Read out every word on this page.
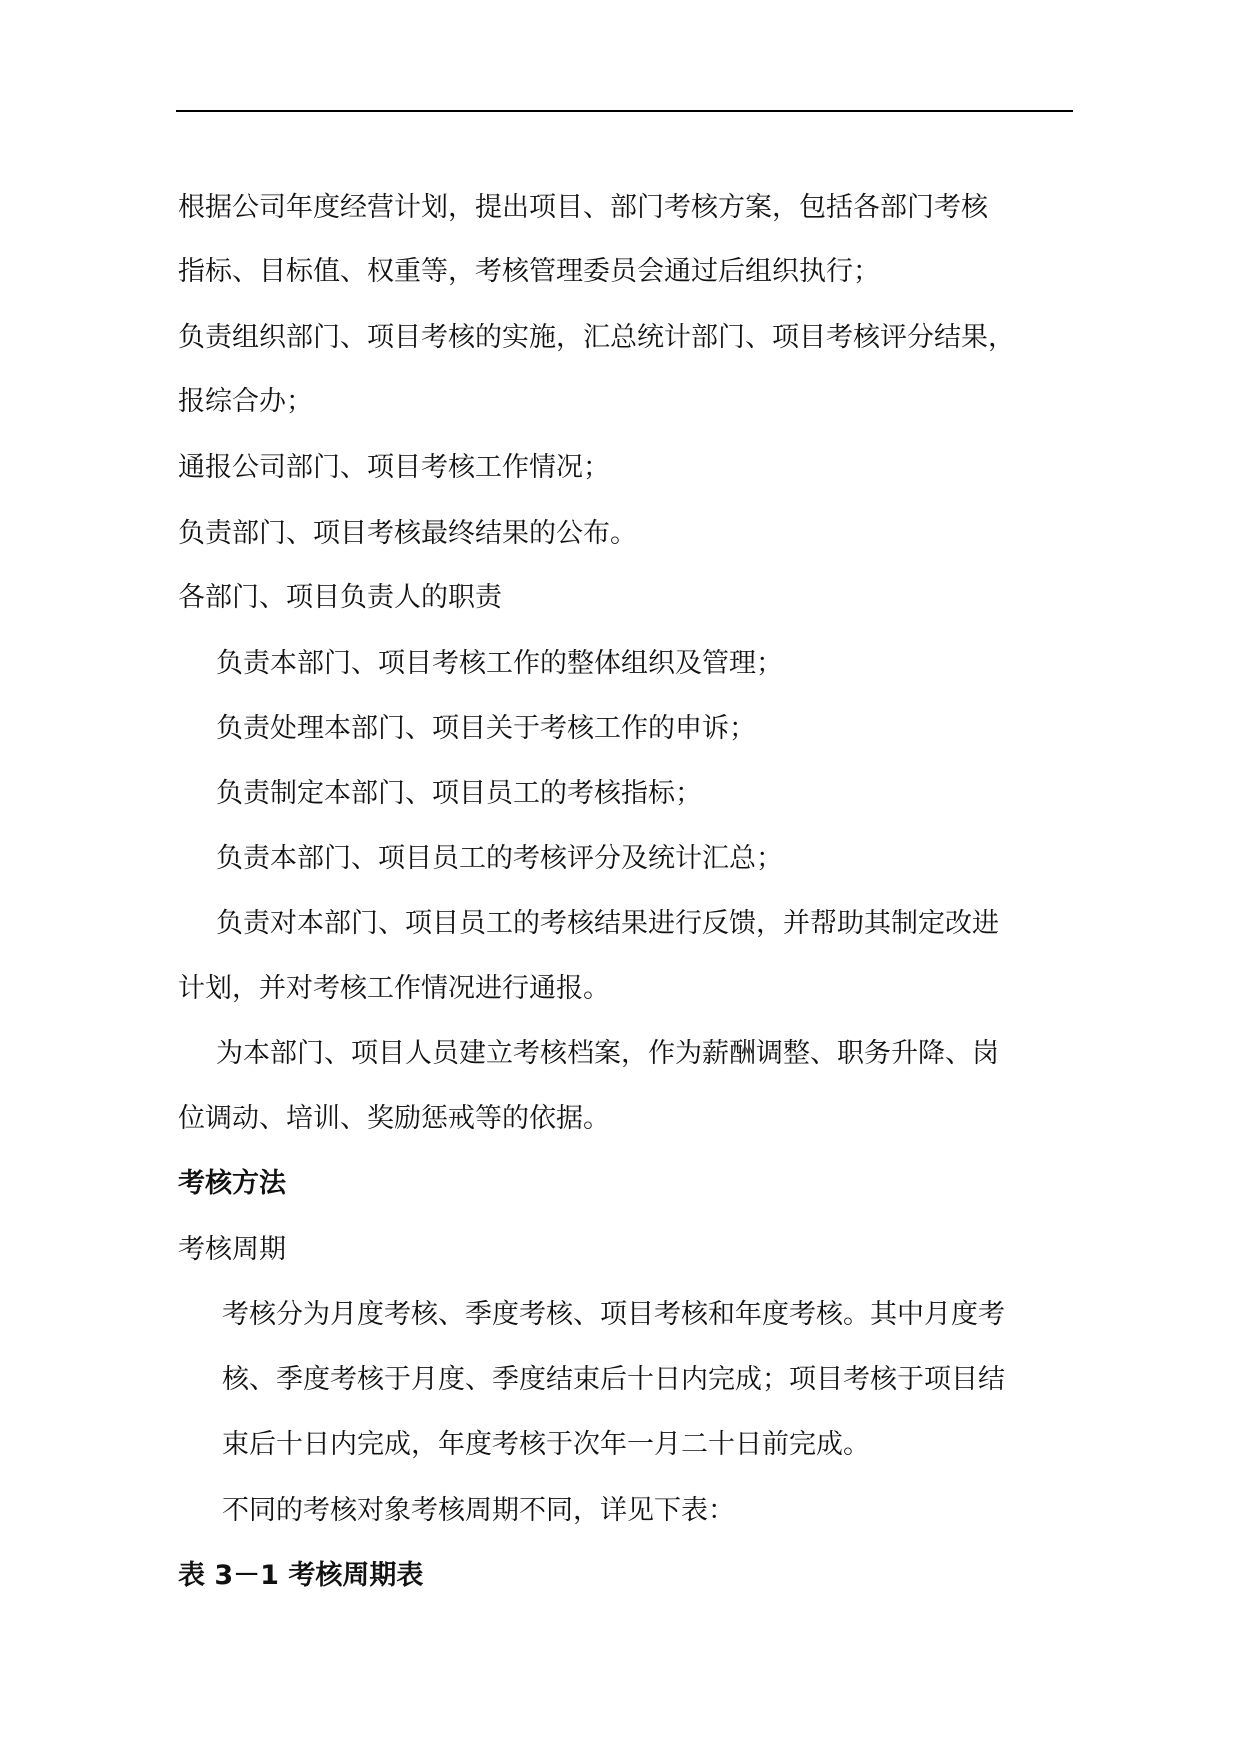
根据公司年度经营计划，提出项目、部门考核方案，包括各部门考核

指标、目标值、权重等，考核管理委员会通过后组织执行；

负责组织部门、项目考核的实施，汇总统计部门、项目考核评分结果，

报综合办；

通报公司部门、项目考核工作情况；

负责部门、项目考核最终结果的公布。

各部门、项目负责人的职责

负责本部门、项目考核工作的整体组织及管理；

负责处理本部门、项目关于考核工作的申诉；

负责制定本部门、项目员工的考核指标；

负责本部门、项目员工的考核评分及统计汇总；

负责对本部门、项目员工的考核结果进行反馈，并帮助其制定改进

计划，并对考核工作情况进行通报。

为本部门、项目人员建立考核档案，作为薪酬调整、职务升降、岗

位调动、培训、奖励惩戒等的依据。

考核方法

考核周期

考核分为月度考核、季度考核、项目考核和年度考核。其中月度考

核、季度考核于月度、季度结束后十日内完成；项目考核于项目结

束后十日内完成，年度考核于次年一月二十日前完成。

不同的考核对象考核周期不同，详见下表：

表 3－1 考核周期表
